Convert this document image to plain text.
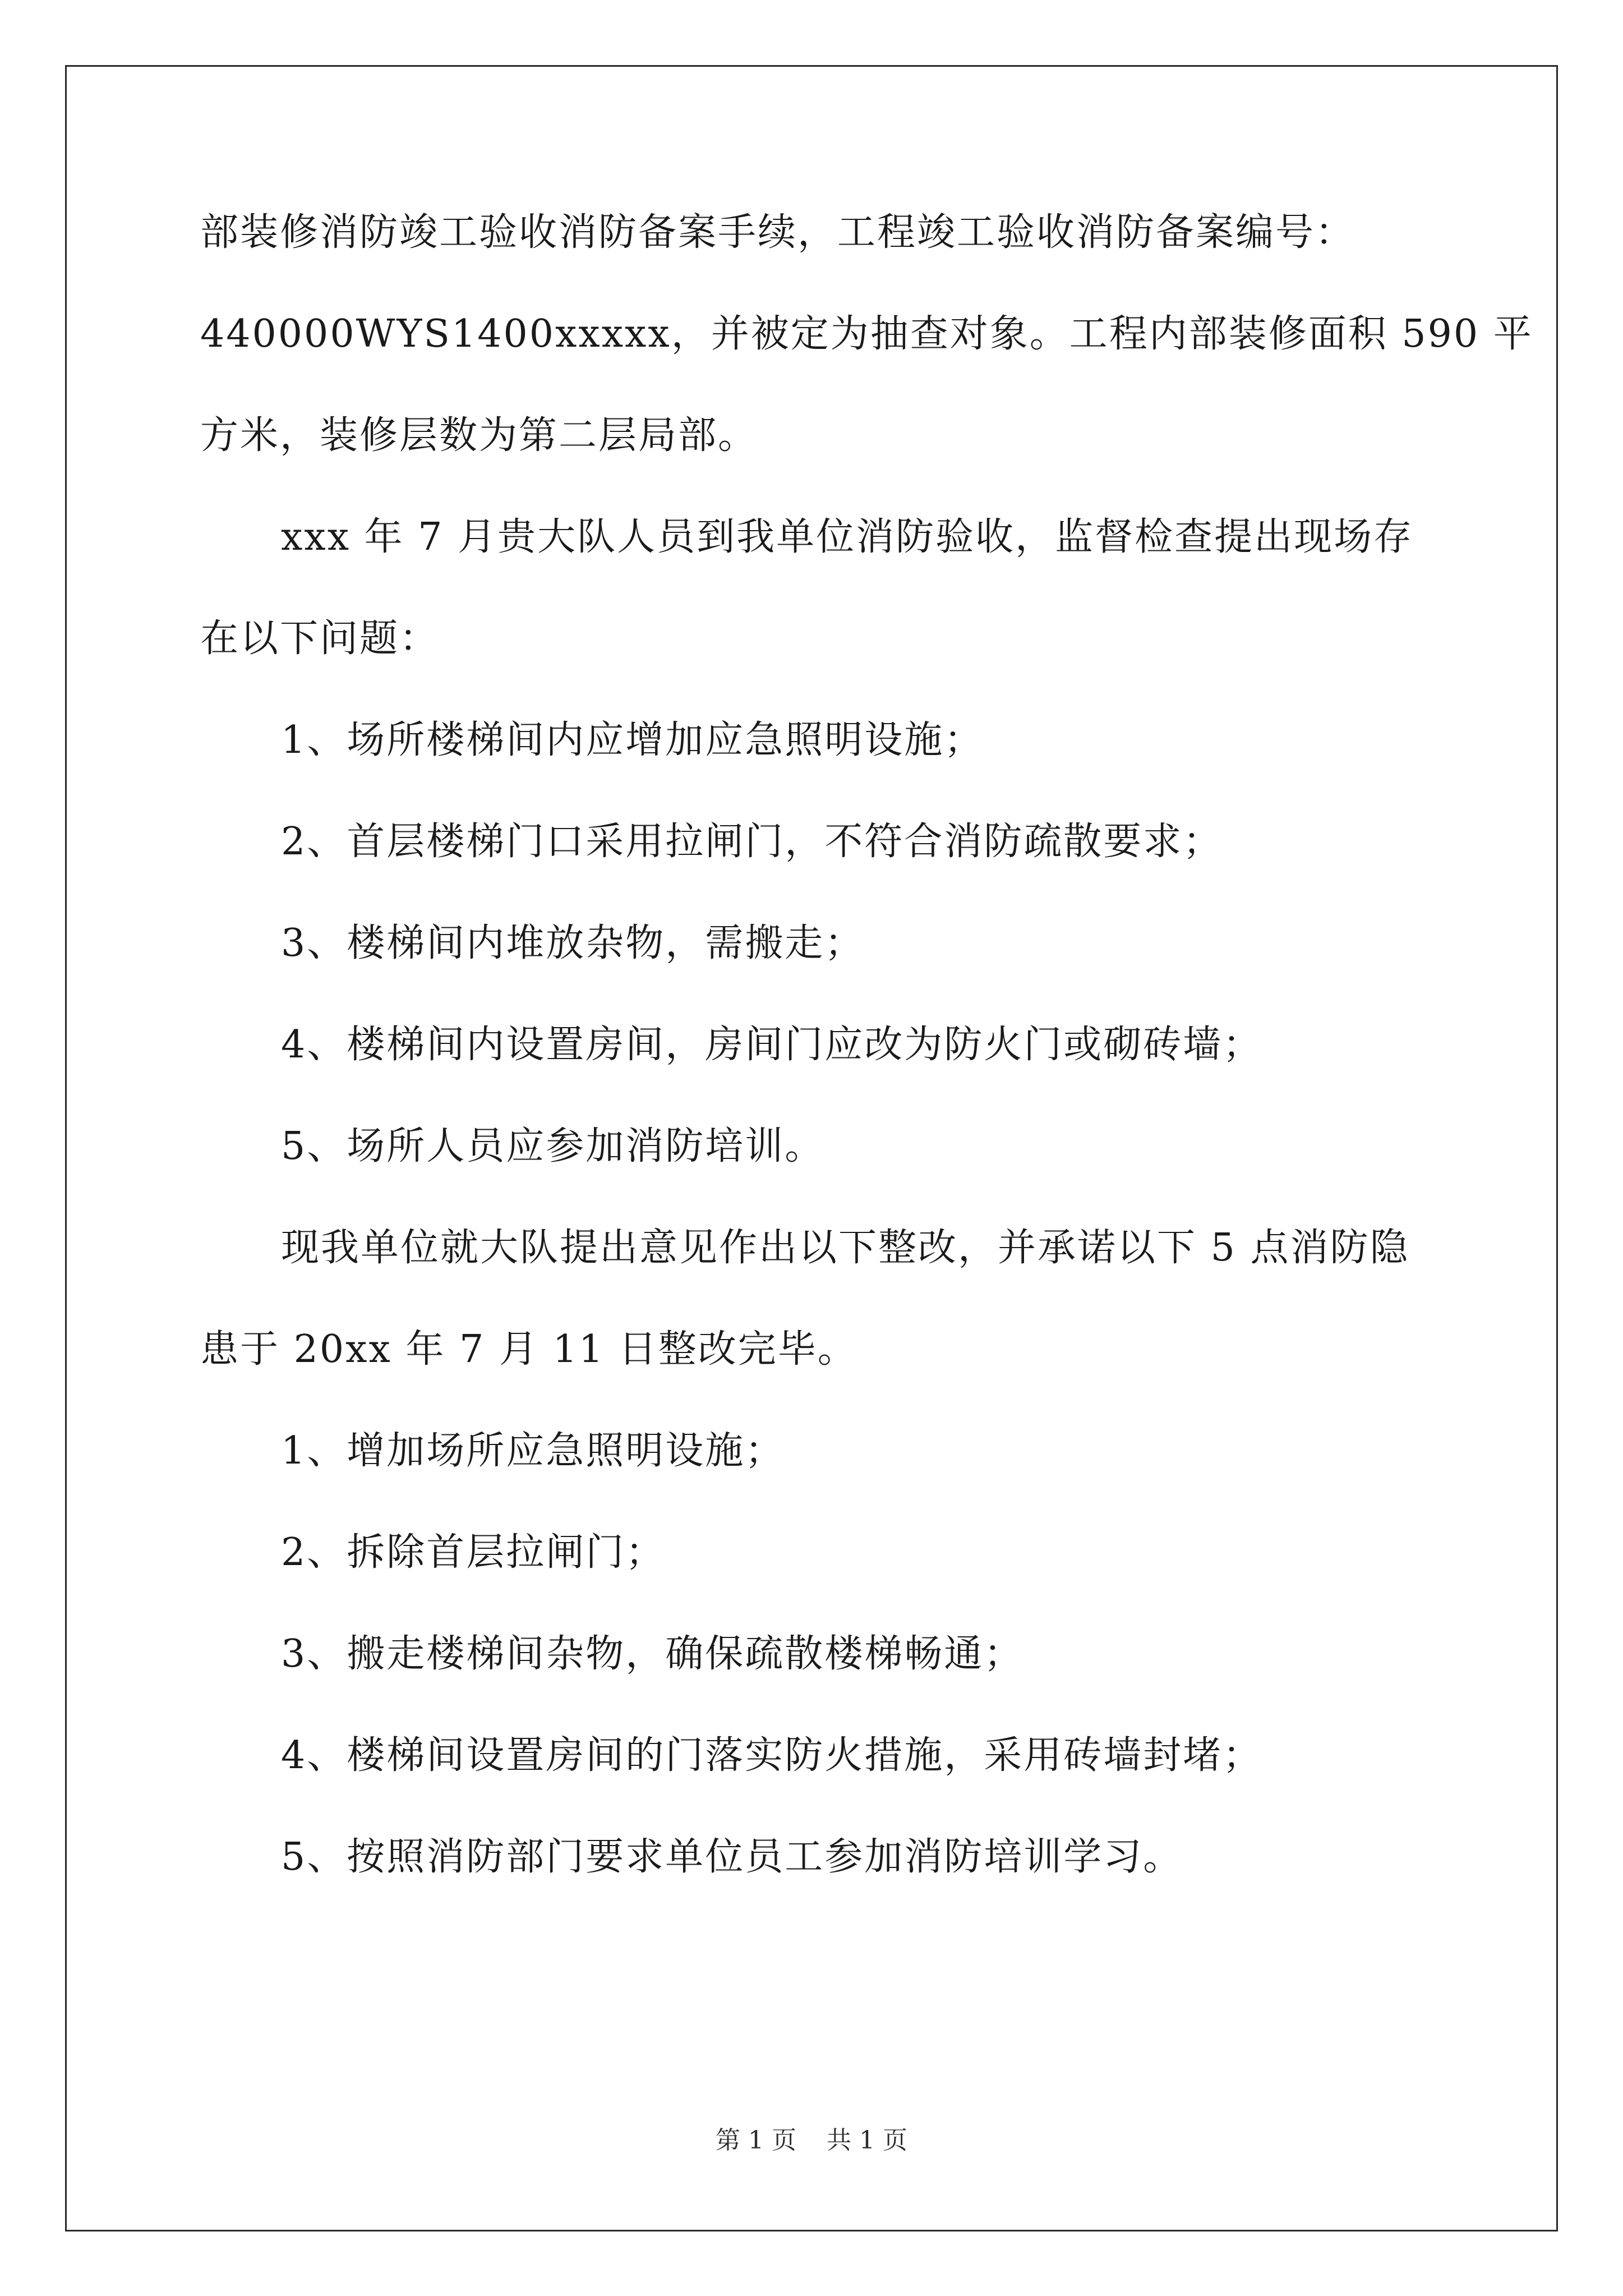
部装修消防竣工验收消防备案手续，工程竣工验收消防备案编号：
440000WYS1400xxxxx，并被定为抽查对象。工程内部装修面积 590 平
方米，装修层数为第二层局部。
xxx 年 7 月贵大队人员到我单位消防验收，监督检查提出现场存
在以下问题：
1、场所楼梯间内应增加应急照明设施；
2、首层楼梯门口采用拉闸门，不符合消防疏散要求；
3、楼梯间内堆放杂物，需搬走；
4、楼梯间内设置房间，房间门应改为防火门或砌砖墙；
5、场所人员应参加消防培训。
现我单位就大队提出意见作出以下整改，并承诺以下 5 点消防隐
患于 20xx 年 7 月 11 日整改完毕。
1、增加场所应急照明设施；
2、拆除首层拉闸门；
3、搬走楼梯间杂物，确保疏散楼梯畅通；
4、楼梯间设置房间的门落实防火措施，采用砖墙封堵；
5、按照消防部门要求单位员工参加消防培训学习。
第 1 页 共 1 页
